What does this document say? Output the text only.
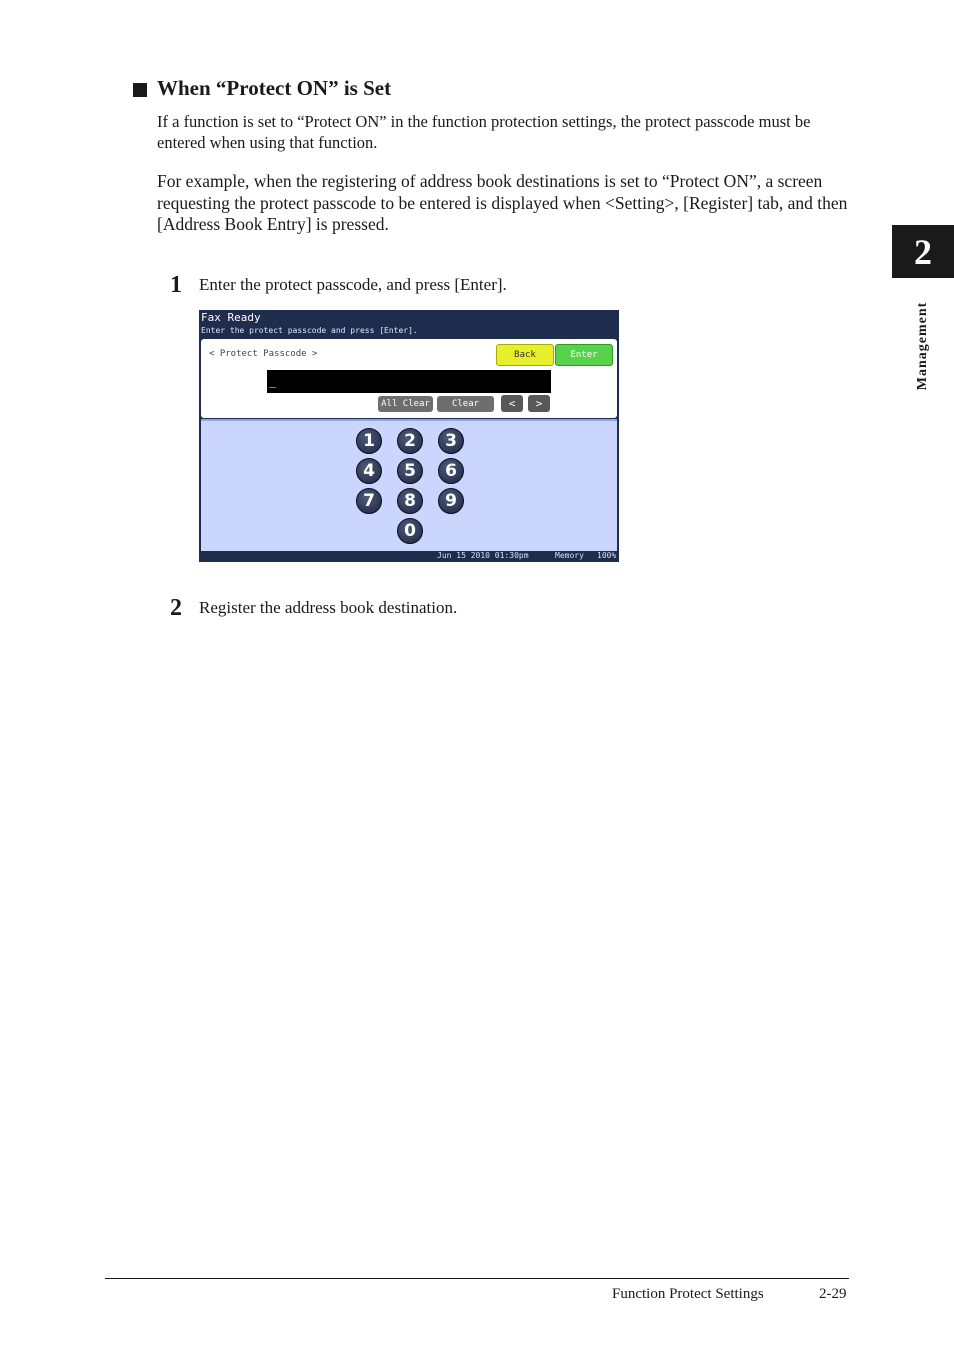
When “Protect ON” is Set
If a function is set to “Protect ON” in the function protection settings, the protect passcode must be entered when using that function.
For example, when the registering of address book destinations is set to “Protect ON”, a screen requesting the protect passcode to be entered is displayed when <Setting>, [Register] tab, and then [Address Book Entry] is pressed.
1 Enter the protect passcode, and press [Enter].
Fax Ready
Enter the protect passcode and press [Enter].
< Protect Passcode >	Back	Enter
_
All Clear	Clear	< >
1	2	3
4	5	6
7	8	9
0
Jun 15 2010 01:30pm	Memory 100%
2 Register the address book destination.
2
Management
Function Protect Settings	2-29
